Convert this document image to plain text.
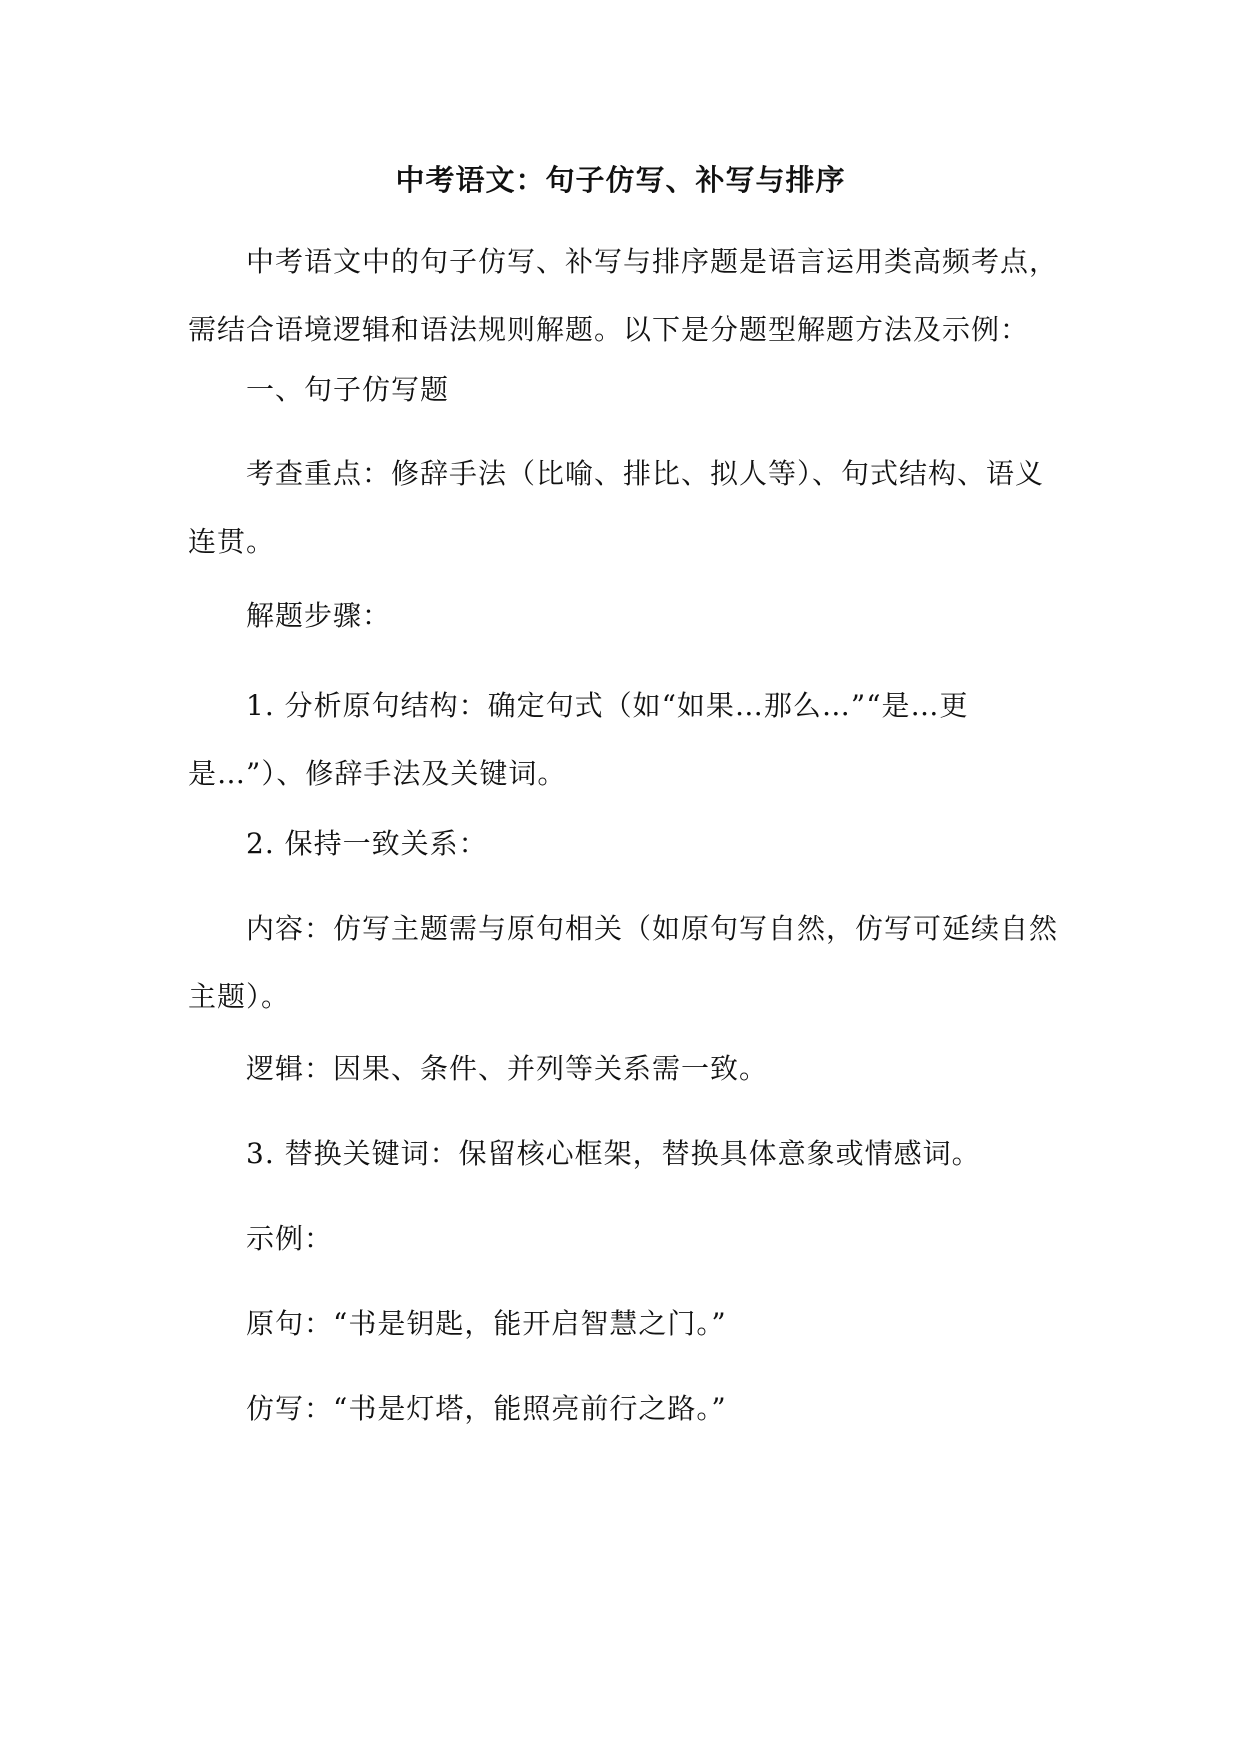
中考语文：句子仿写、补写与排序

中考语文中的句子仿写、补写与排序题是语言运用类高频考点，需结合语境逻辑和语法规则解题。以下是分题型解题方法及示例：

一、句子仿写题

考查重点：修辞手法（比喻、排比、拟人等）、句式结构、语义连贯。

解题步骤：

1. 分析原句结构：确定句式（如“如果…那么…”“是…更是…”）、修辞手法及关键词。

2. 保持一致关系：

内容：仿写主题需与原句相关（如原句写自然，仿写可延续自然主题）。

逻辑：因果、条件、并列等关系需一致。

3. 替换关键词：保留核心框架，替换具体意象或情感词。

示例：

原句：“书是钥匙，能开启智慧之门。”

仿写：“书是灯塔，能照亮前行之路。”
